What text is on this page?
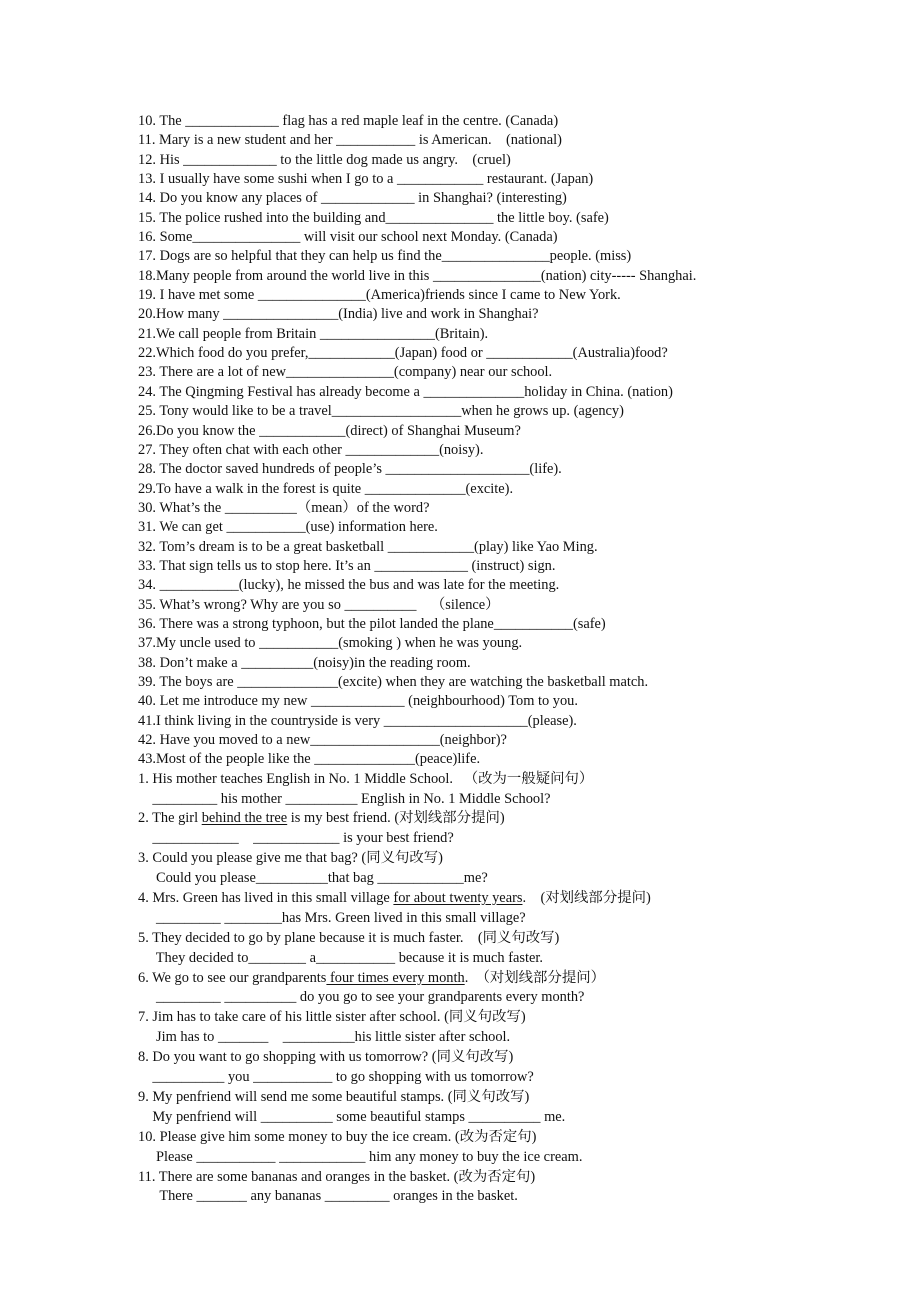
10. The _____________ flag has a red maple leaf in the centre. (Canada)
11. Mary is a new student and her ___________ is American.    (national)
12. His _____________ to the little dog made us angry.    (cruel)
13. I usually have some sushi when I go to a ____________ restaurant. (Japan)
14. Do you know any places of _____________ in Shanghai? (interesting)
15. The police rushed into the building and_______________ the little boy. (safe)
16. Some_______________ will visit our school next Monday. (Canada)
17. Dogs are so helpful that they can help us find the_______________people. (miss)
18.Many people from around the world live in this _______________(nation) city----- Shanghai.
19. I have met some _______________(America)friends since I came to New York.
20.How many ________________(India) live and work in Shanghai?
21.We call people from Britain ________________(Britain).
22.Which food do you prefer,____________(Japan) food or ____________(Australia)food?
23. There are a lot of new_______________(company) near our school.
24. The Qingming Festival has already become a ______________holiday in China. (nation)
25. Tony would like to be a travel__________________when he grows up. (agency)
26.Do you know the ____________(direct) of Shanghai Museum?
27. They often chat with each other _____________(noisy).
28. The doctor saved hundreds of people’s ____________________(life).
29.To have a walk in the forest is quite ______________(excite).
30. What’s the __________（mean）of the word?
31. We can get ___________(use) information here.
32. Tom’s dream is to be a great basketball ____________(play) like Yao Ming.
33. That sign tells us to stop here. It’s an _____________ (instruct) sign.
34. ___________(lucky), he missed the bus and was late for the meeting.
35. What’s wrong? Why are you so __________    （silence）
36. There was a strong typhoon, but the pilot landed the plane___________(safe)
37.My uncle used to ___________(smoking ) when he was young.
38. Don’t make a __________(noisy)in the reading room.
39. The boys are ______________(excite) when they are watching the basketball match.
40. Let me introduce my new _____________ (neighbourhood) Tom to you.
41.I think living in the countryside is very ____________________(please).
42. Have you moved to a new__________________(neighbor)?
43.Most of the people like the ______________(peace)life.
1. His mother teaches English in No. 1 Middle School.   （改为一般疑问句）
_________ his mother __________ English in No. 1 Middle School?
2. The girl behind the tree is my best friend. (对划线部分提问)
____________    ____________ is your best friend?
3. Could you please give me that bag? (同义句改写)
Could you please__________that bag ____________me?
4. Mrs. Green has lived in this small village for about twenty years.    (对划线部分提问)
_________ ________has Mrs. Green lived in this small village?
5. They decided to go by plane because it is much faster.    (同义句改写)
They decided to________ a___________ because it is much faster.
6. We go to see our grandparents four times every month.  （对划线部分提问）
_________ __________ do you go to see your grandparents every month?
7. Jim has to take care of his little sister after school. (同义句改写)
Jim has to _______    __________his little sister after school.
8. Do you want to go shopping with us tomorrow? (同义句改写)
__________ you ___________ to go shopping with us tomorrow?
9. My penfriend will send me some beautiful stamps. (同义句改写)
My penfriend will __________ some beautiful stamps __________ me.
10. Please give him some money to buy the ice cream. (改为否定句)
Please ___________ ____________ him any money to buy the ice cream.
11. There are some bananas and oranges in the basket. (改为否定句)
There _______ any bananas _________ oranges in the basket.
